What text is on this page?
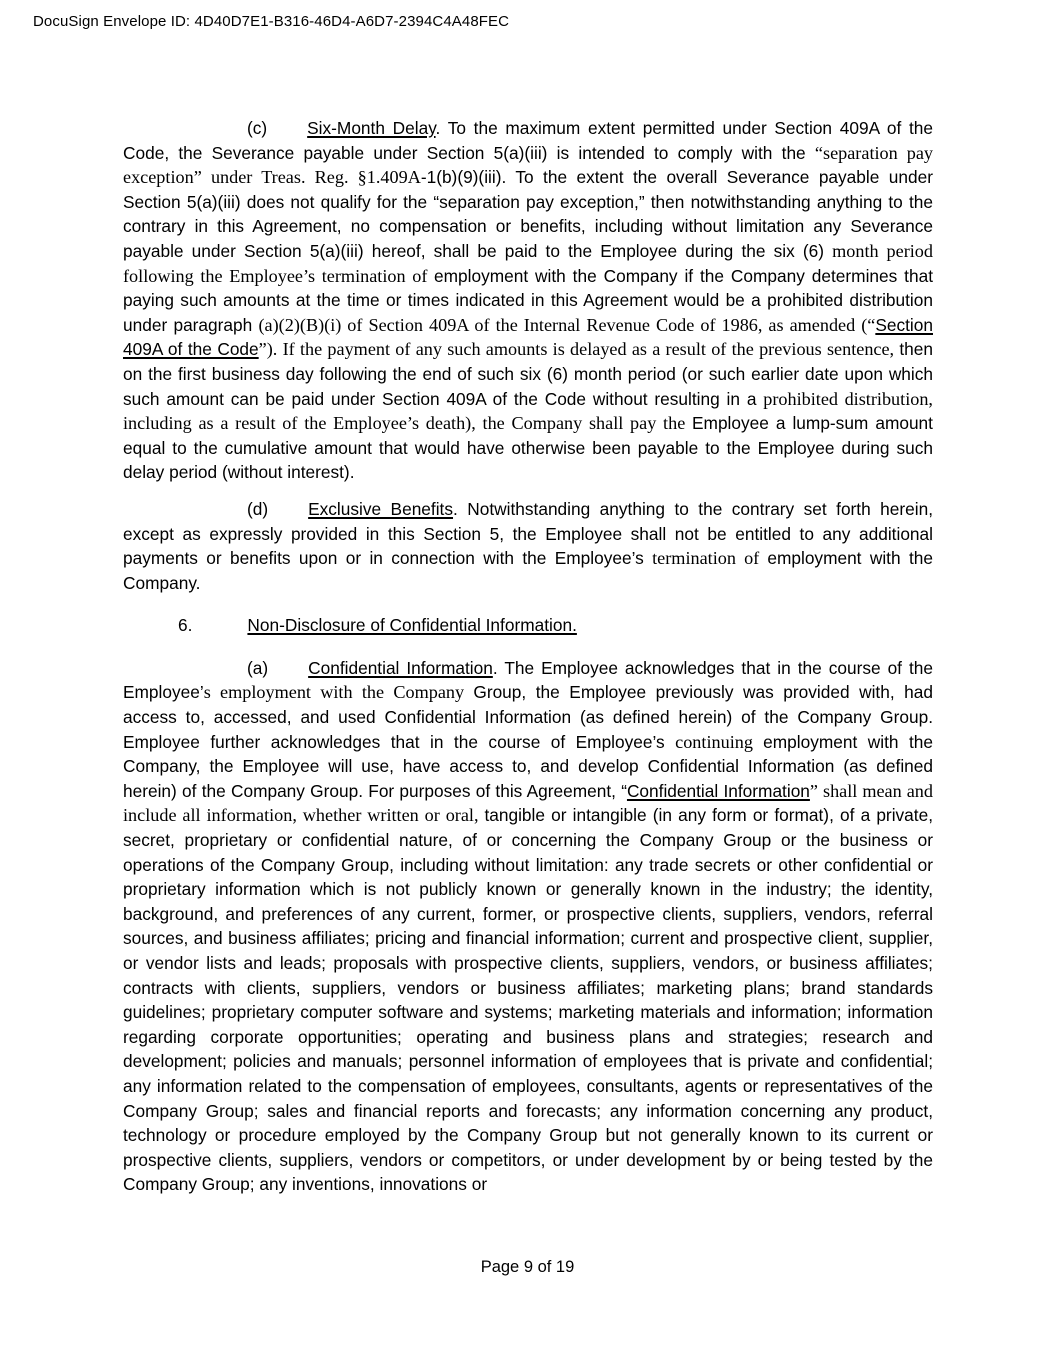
DocuSign Envelope ID: 4D40D7E1-B316-46D4-A6D7-2394C4A48FEC

(c) Six-Month Delay. To the maximum extent permitted under Section 409A of the Code, the Severance payable under Section 5(a)(iii) is intended to comply with the “separation pay exception” under Treas. Reg. §1.409A-1(b)(9)(iii). To the extent the overall Severance payable under Section 5(a)(iii) does not qualify for the “separation pay exception,” then notwithstanding anything to the contrary in this Agreement, no compensation or benefits, including without limitation any Severance payable under Section 5(a)(iii) hereof, shall be paid to the Employee during the six (6) month period following the Employee’s termination of employment with the Company if the Company determines that paying such amounts at the time or times indicated in this Agreement would be a prohibited distribution under paragraph (a)(2)(B)(i) of Section 409A of the Internal Revenue Code of 1986, as amended (“Section 409A of the Code”). If the payment of any such amounts is delayed as a result of the previous sentence, then on the first business day following the end of such six (6) month period (or such earlier date upon which such amount can be paid under Section 409A of the Code without resulting in a prohibited distribution, including as a result of the Employee’s death), the Company shall pay the Employee a lump-sum amount equal to the cumulative amount that would have otherwise been payable to the Employee during such delay period (without interest).

(d) Exclusive Benefits. Notwithstanding anything to the contrary set forth herein, except as expressly provided in this Section 5, the Employee shall not be entitled to any additional payments or benefits upon or in connection with the Employee’s termination of employment with the Company.

6.	Non-Disclosure of Confidential Information.

(a) Confidential Information. The Employee acknowledges that in the course of the Employee’s employment with the Company Group, the Employee previously was provided with, had access to, accessed, and used Confidential Information (as defined herein) of the Company Group. Employee further acknowledges that in the course of Employee’s continuing employment with the Company, the Employee will use, have access to, and develop Confidential Information (as defined herein) of the Company Group. For purposes of this Agreement, “Confidential Information” shall mean and include all information, whether written or oral, tangible or intangible (in any form or format), of a private, secret, proprietary or confidential nature, of or concerning the Company Group or the business or operations of the Company Group, including without limitation: any trade secrets or other confidential or proprietary information which is not publicly known or generally known in the industry; the identity, background, and preferences of any current, former, or prospective clients, suppliers, vendors, referral sources, and business affiliates; pricing and financial information; current and prospective client, supplier, or vendor lists and leads; proposals with prospective clients, suppliers, vendors, or business affiliates; contracts with clients, suppliers, vendors or business affiliates; marketing plans; brand standards guidelines; proprietary computer software and systems; marketing materials and information; information regarding corporate opportunities; operating and business plans and strategies; research and development; policies and manuals; personnel information of employees that is private and confidential; any information related to the compensation of employees, consultants, agents or representatives of the Company Group; sales and financial reports and forecasts; any information concerning any product, technology or procedure employed by the Company Group but not generally known to its current or prospective clients, suppliers, vendors or competitors, or under development by or being tested by the Company Group; any inventions, innovations or

Page 9 of 19
